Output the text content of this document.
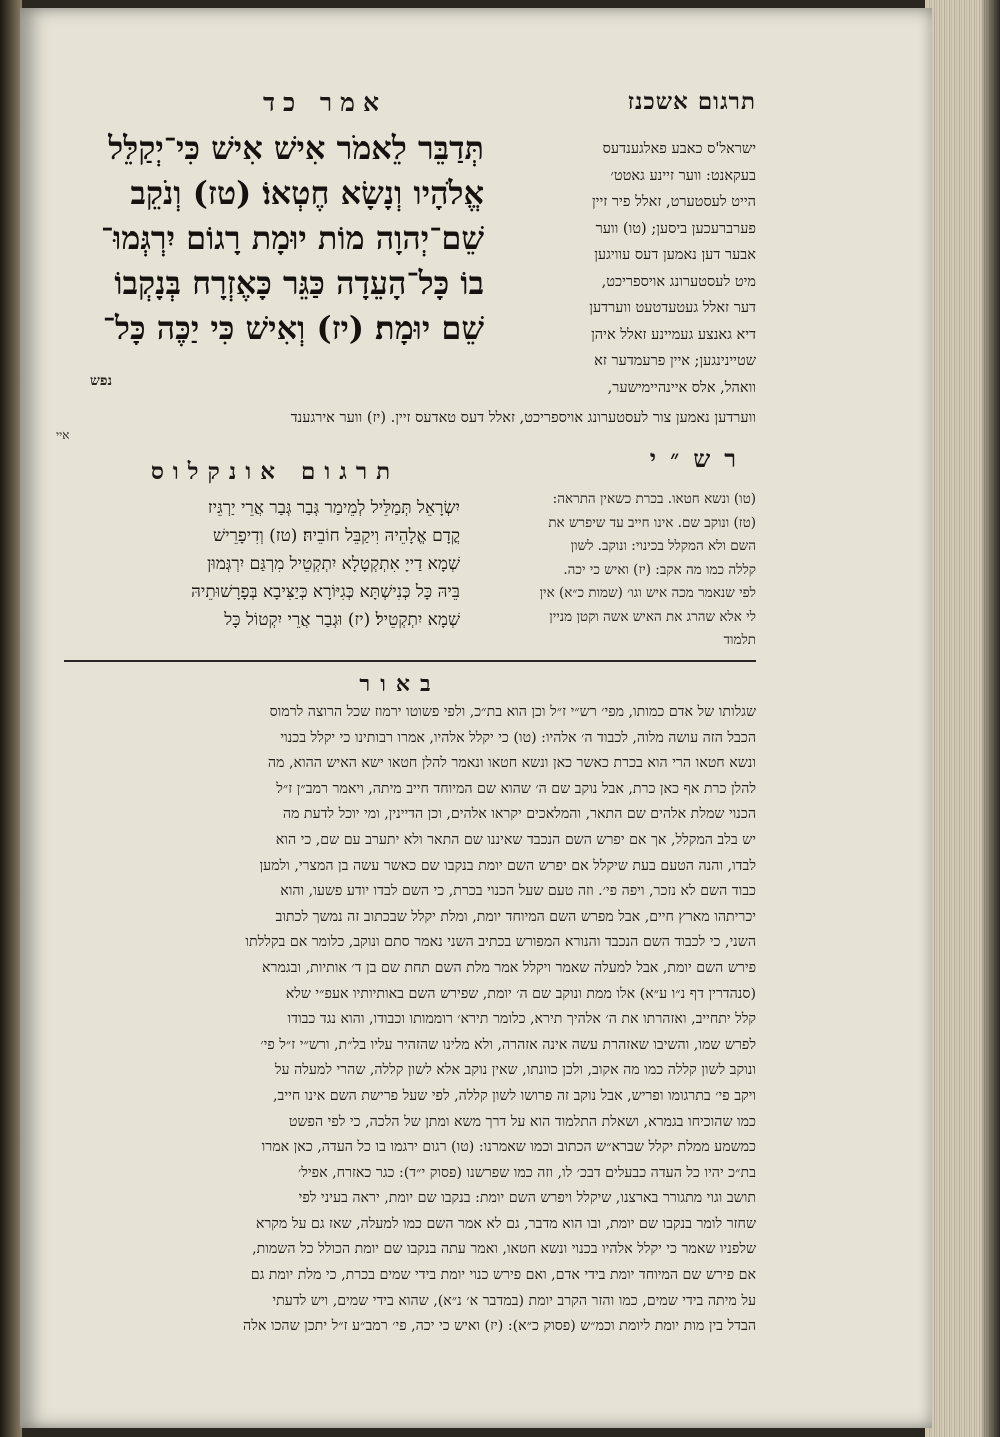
תרגום אשכנז
אמר כד
ישראל'ס כאבע פאלגענדעס
בעקאנט: ווער זיינע גאטט׳
הייט לעסטערט, זאלל פיר זיין
פערברעכען ביסען; (טו) ווער
אבער דען נאמען דעס עוויגען
מיט לעסטערונג אויספריכט,
דער זאלל געטעדטעט ווערדען
דיא גאנצע געמיינע זאלל איהן
שטיינינגען; איין פרעמדער זא
וואהל, אלס איינהיימישער,
תְּדַבֵּר לֵאמֹר אִישׁ אִישׁ כִּי־יְקַלֵּל
אֱלֹהָיו וְנָשָׂא חֶטְאוֹ׃ (טז) וְנֹקֵב
שֵׁם־יְהוָה מוֹת יוּמָת רָגוֹם יִרְגְּמוּ־
בוֹ כָּל־הָעֵדָה כַּגֵּר כָּאֶזְרָח בְּנָקְבוֹ
שֵׁם יוּמָת׃ (יז) וְאִישׁ כִּי יַכֶּה כָּל־
נפש
ווערדען נאמען צור לעסטערונג אויספריכט, זאלל דעס טאדעס זיין. (יז) ווער אירגענד
איי
רש״י
(טו) ונשא חטאו. בכרת כשאין התראה:
(טז) ונוקב שם. אינו חייב עד שיפרש את
השם ולא המקלל בכינוי: ונוקב. לשון
קללה כמו מה אקב: (יז) ואיש כי יכה.
לפי שנאמר מכה איש וגו׳ (שמות כ״א) אין
לי אלא שהרג את האיש אשה וקטן מניין
תלמוד
תרגום אונקלוס
יִשְׂרָאֵל תְּמַלֵּיל לְמֵימַר גְּבַר גְּבַר אֲרֵי יַרְגֵּיז
קֳדָם אֱלָהֵיהּ וִיקַבֵּל חוֹבֵיהּ׃ (טז) וְדִיפָרֵישׁ
שְׁמָא דַייָ אִתְקְטָלָא יִתְקְטֵיל מִרְגַּם יִרְגְּמוּן
בֵּיהּ כָּל כְּנִישְׁתָּא כְּגִיּוֹרָא כְּיַצִּיבָא בְּפָרָשׁוּתֵיהּ
שְׁמָא יִתְקְטֵיל׃ (יז) וּגְבַר אֲרֵי יִקְטוֹל כָּל
באור
שגלותו של אדם כמותו, מפי׳ רש״י ז״ל וכן הוא בת״כ, ולפי פשוטו ירמוז שכל הרוצה לרמוס
הכבל הזה עושה מלוה, לכבוד ה׳ אלהיו: (טו) כי יקלל אלהיו, אמרו רבותינו כי יקלל בכנוי
ונשא חטאו הרי הוא בכרת כאשר כאן ונשא חטאו ונאמר להלן חטאו ישא האיש ההוא, מה
להלן כרת אף כאן כרת, אבל נוקב שם ה׳ שהוא שם המיוחד חייב מיתה, ויאמר רמב״ן ז״ל
הכנוי שמלת אלהים שם התאר, והמלאכים יקראו אלהים, וכן הדיינין, ומי יוכל לדעת מה
יש בלב המקלל, אך אם יפרש השם הנכבד שאיננו שם התאר ולא יתערב עם שם, כי הוא
לבדו, והנה הטעם בעת שיקלל אם יפרש השם יומת בנקבו שם כאשר עשה בן המצרי, ולמען
כבוד השם לא נזכר, ויפה פי׳. וזה טעם שעל הכנוי בכרת, כי השם לבדו יודע פשעו, והוא
יכריתהו מארץ חיים, אבל מפרש השם המיוחד יומת, ומלת יקלל שבכתוב זה נמשך לכתוב
השני, כי לכבוד השם הנכבד והנורא המפורש בכתיב השני נאמר סתם ונוקב, כלומר אם בקללתו
פירש השם יומת, אבל למעלה שאמר ויקלל אמר מלת השם תחת שם בן ד׳ אותיות, ובגמרא
(סנהדרין דף נ״ו ע״א) אלו ממת ונוקב שם ה׳ יומת, שפירש השם באותיותיו אעפ״י שלא
קלל יתחייב, ואזהרתו את ה׳ אלהיך תירא, כלומר תירא׳ רוממותו וכבודו, והוא נגד כבודו
לפרש שמו, והשיבו שאזהרת עשה אינה אזהרה, ולא מלינו שהזהיר עליו בל״ת, ורש״י ז״ל פי׳
ונוקב לשון קללה כמו מה אקוב, ולכן כוונתו, שאין נוקב אלא לשון קללה, שהרי למעלה על
ויקב פי׳ בתרגומו ופריש, אבל נוקב זה פרושו לשון קללה, לפי שעל פרישת השם אינו חייב,
כמו שהוכיחו בגמרא, ושאלת התלמוד הוא על דרך משא ומתן של הלכה, כי לפי הפשט
כמשמע ממלת יקלל שברא״ש הכתוב וכמו שאמרנו: (טו) רגום ירגמו בו כל העדה, כאן אמרו
בת״כ יהיו כל העדה כבעלים דבכ׳ לו, וזה כמו שפרשנו (פסוק י״ד): כגר כאזרח, אפיל׳
תושב וגוי מתגורר בארצנו, שיקלל ויפרש השם יומת: בנקבו שם יומת, יראה בעיני לפי
שחזר לומר בנקבו שם יומת, ובו הוא מדבר, גם לא אמר השם כמו למעלה, שאז גם על מקרא
שלפניו שאמר כי יקלל אלהיו בכנוי ונשא חטאו, ואמר עתה בנקבו שם יומת הכולל כל השמות,
אם פירש שם המיוחד יומת בידי אדם, ואם פירש כנוי יומת בידי שמים בכרת, כי מלת יומת גם
על מיתה בידי שמים, כמו והזר הקרב יומת (במדבר א׳ נ״א), שהוא בידי שמים, ויש לדעתי
הבדל בין מות יומת ליומת וכמ״ש (פסוק כ״א): (יז) ואיש כי יכה, פי׳ רמב״ע ז״ל יתכן שהכו אלה
